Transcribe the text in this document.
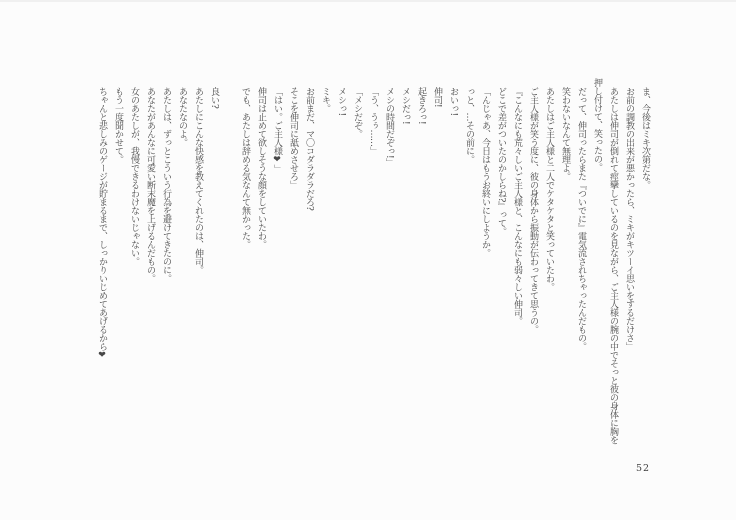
ま、今後はミキ次第だな。

お前の調教の出来が悪かったら、ミキがキツーイ思いをするだけさ」

あたしは伸司が倒れて痙攣しているのを見ながら、ご主人様の腕の中でそっと彼の身体に胸を押し付けて、笑ったの。

だって、伸司ったらまた『ついでに』電気流されちゃったんだもの。

笑わないなんて無理よ。

あたしはご主人様と二人でケタケタと笑っていたわ。

ご主人様が笑う度に、彼の身体から振動が伝わってきて思うの。

『こんなにも荒々しいご主人様と、こんなにも弱々しい伸司。

どこで差がついたのかしらね?』って。

「んじゃあ、今日はもうお終いにしようか。

っと、…その前に。

おいっ!

伸司!

起きろっ!

メシだっ!

メシの時間だぞっ!」

「う、うぅ……」

「メシだぞ。

メシっ!

ミキ。

お前まだ、マ〇コダラダラだろ?

そこを伸司に舐めさせろ」

「はい。ご主人様❤」

伸司は止めて欲しそうな顔をしていたわ。

でも、あたしは辞める気なんて無かった。

良い?

あたしにこんな快感を教えてくれたのは、伸司。

あなたなのよ。

あたしは、ずっとこういう行為を避けてきたのに。

あなたがあんなに可愛い断末魔を上げるんだもの。

女のあたしが、我慢できるわけないじゃない。

もう一度聞かせて。

ちゃんと悲しみのゲージが貯まるまで、しっかりいじめてあげるから❤

52
